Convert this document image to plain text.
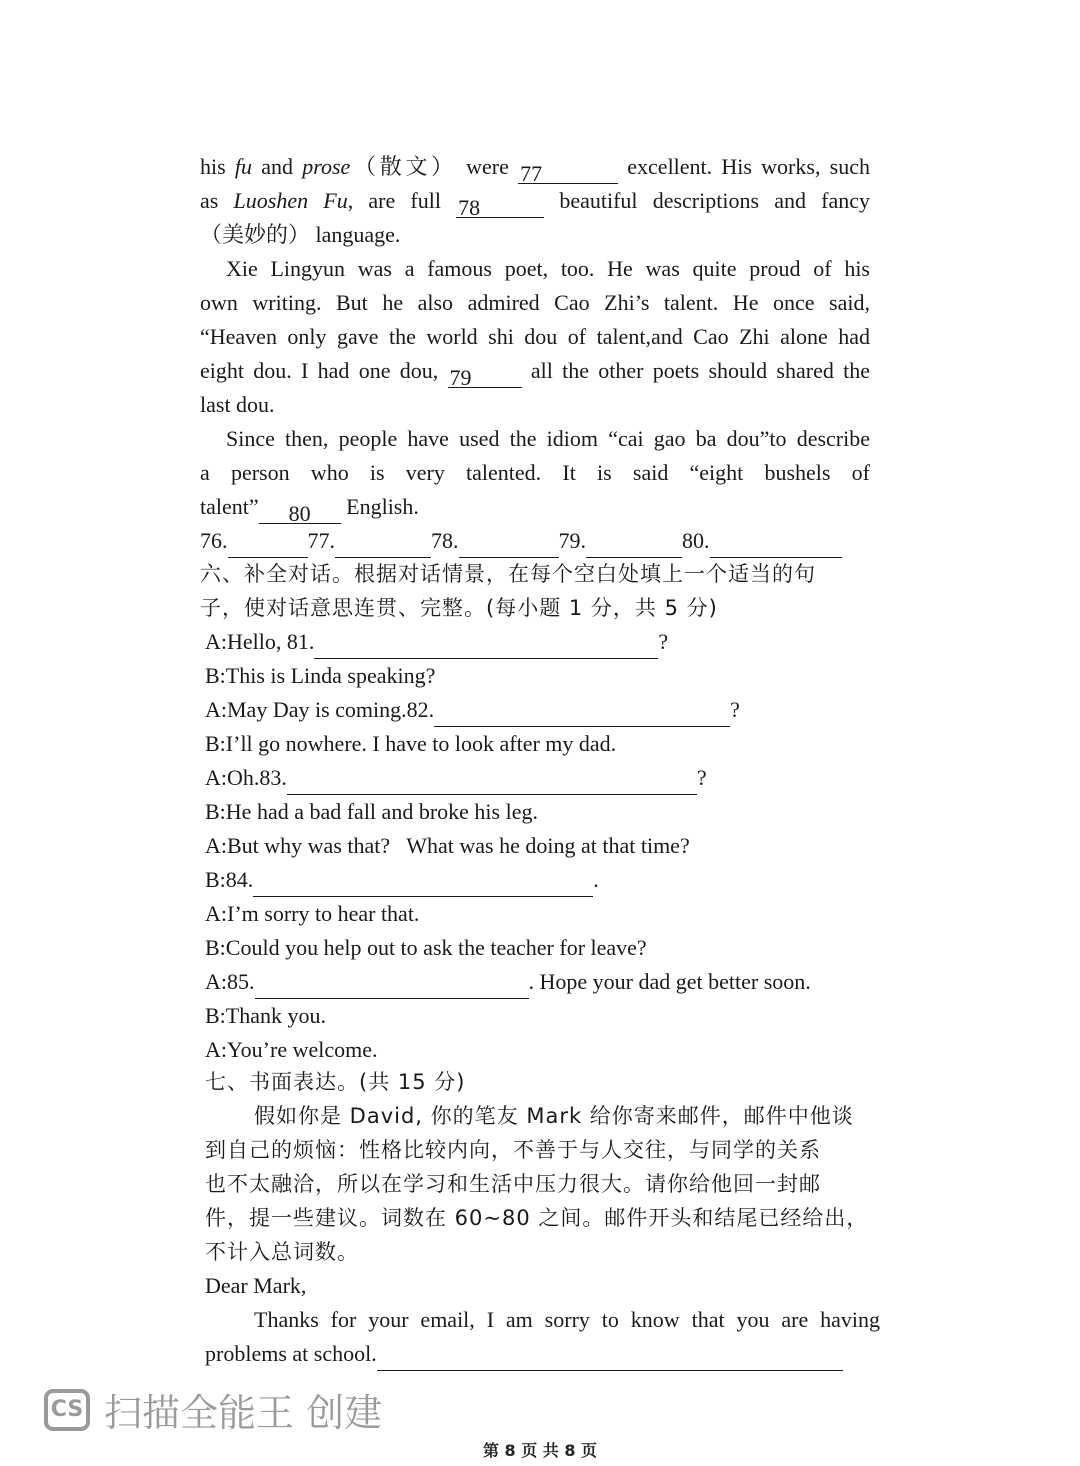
his fu and prose（散文） were 77	excellent. His works, such
as Luoshen Fu, are full 78	beautiful descriptions and fancy
（美妙的） language.
Xie Lingyun was a famous poet, too. He was quite proud of his
own writing. But he also admired Cao Zhi’s talent. He once said,
“Heaven only gave the world shi dou of talent,and Cao Zhi alone had
eight dou. I had one dou, 79 all the other poets should shared the
last dou.
Since then, people have used the idiom “cai gao ba dou”to describe
a person who is very talented. It is said “eight bushels of
talent” 80 English.
76.	77.	78.	79.	80.
六、补全对话。根据对话情景，在每个空白处填上一个适当的句
子，使对话意思连贯、完整。(每小题 1 分，共 5 分)
A:Hello, 81.	?
B:This is Linda speaking?
A:May Day is coming.82.	?
B:I’ll go nowhere. I have to look after my dad.
A:Oh.83.	?
B:He had a bad fall and broke his leg.
A:But why was that?   What was he doing at that time?
B:84.	.
A:I’m sorry to hear that.
B:Could you help out to ask the teacher for leave?
A:85.	. Hope your dad get better soon.
B:Thank you.
A:You’re welcome.
七、书面表达。(共 15 分)
假如你是 David, 你的笔友 Mark 给你寄来邮件，邮件中他谈
到自己的烦恼：性格比较内向，不善于与人交往，与同学的关系
也不太融洽，所以在学习和生活中压力很大。请你给他回一封邮
件，提一些建议。词数在 60~80 之间。邮件开头和结尾已经给出，
不计入总词数。
Dear Mark,
Thanks for your email, I am sorry to know that you are having
problems at school.
CS 扫描全能王 创建
第 8 页 共 8 页
